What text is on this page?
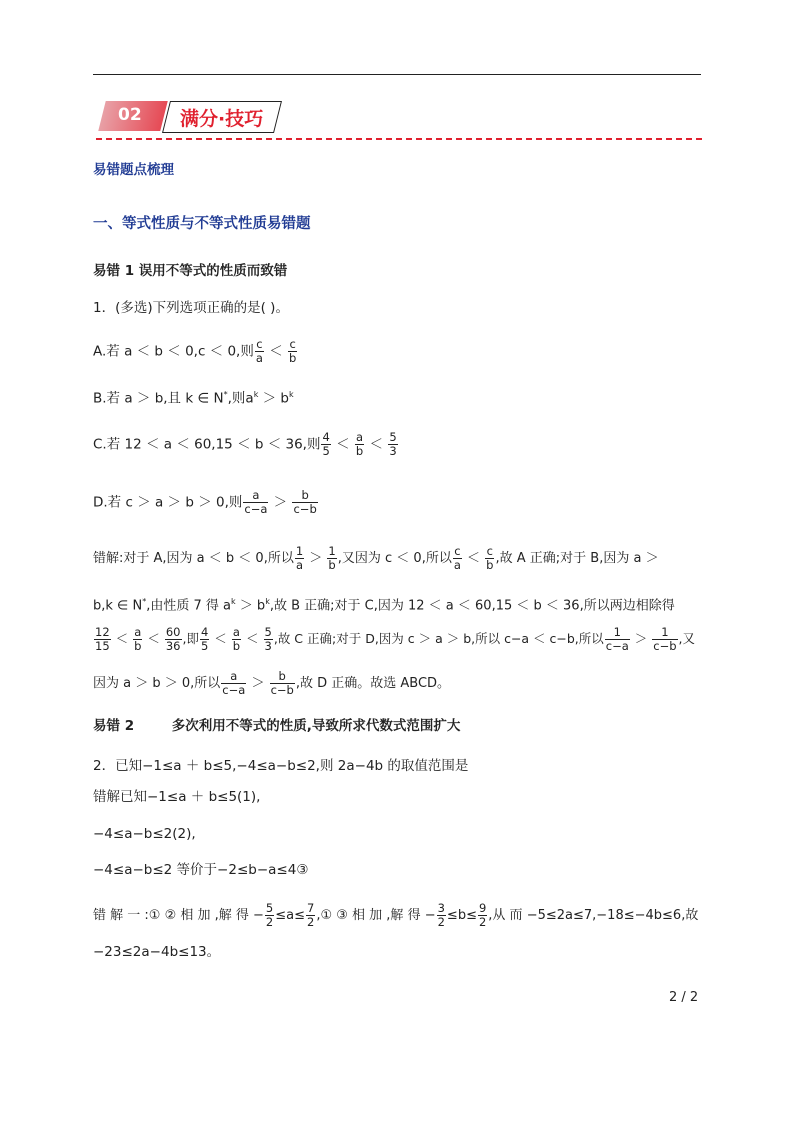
02 满分·技巧
易错题点梳理
一、等式性质与不等式性质易错题
易错 1 误用不等式的性质而致错
1．(多选)下列选项正确的是( )。
A.若 a ＜ b ＜ 0,c ＜ 0,则 $\frac{c}{a} < \frac{c}{b}$
B.若 a ＞ b,且 k ∈ N*,则$a^k > b^k$
C.若 12 ＜ a ＜ 60,15 ＜ b ＜ 36,则 $\frac{4}{5} < \frac{a}{b} < \frac{5}{3}$
D.若 c ＞ a ＞ b ＞ 0,则 $\frac{a}{c-a} > \frac{b}{c-b}$
错解:对于 A,因为 a ＜ b ＜ 0,所以 $\frac{1}{a} > \frac{1}{b}$ ,又因为 c ＜ 0,所以 $\frac{c}{a} < \frac{c}{b}$ ,故 A 正确;对于 B,因为 a ＞
b,k ∈ N*,由性质 7 得 $a^k > b^k$,故 B 正确;对于 C,因为 12 ＜ a ＜ 60,15 ＜ b ＜ 36,所以两边相除得
$\frac{12}{15} < \frac{a}{b} < \frac{60}{36}$ ,即 $\frac{4}{5} < \frac{a}{b} < \frac{5}{3}$ ,故 C 正确;对于 D,因为 c ＞ a ＞ b,所以 c−a ＜ c−b,所以 $\frac{1}{c-a} > \frac{1}{c-b}$ ,又
因为 a ＞ b ＞ 0,所以 $\frac{a}{c-a} > \frac{b}{c-b}$ ,故 D 正确。故选 ABCD。
易错 2        多次利用不等式的性质,导致所求代数式范围扩大
2．已知−1≤a ＋ b≤5,−4≤a−b≤2,则 2a−4b 的取值范围是
错解已知−1≤a ＋ b≤5(1),
−4≤a−b≤2(2),
−4≤a−b≤2 等价于−2≤b−a≤4③
错 解 一 :① ② 相 加 ,解 得 − $\frac{5}{2} \le a\le \frac{7}{2}$ ,① ③ 相 加 ,解 得 − $\frac{3}{2} \le b\le \frac{9}{2}$ ,从 而 −5≤2a≤7,−18≤−4b≤6,故
−23≤2a−4b≤13。
2 / 2
